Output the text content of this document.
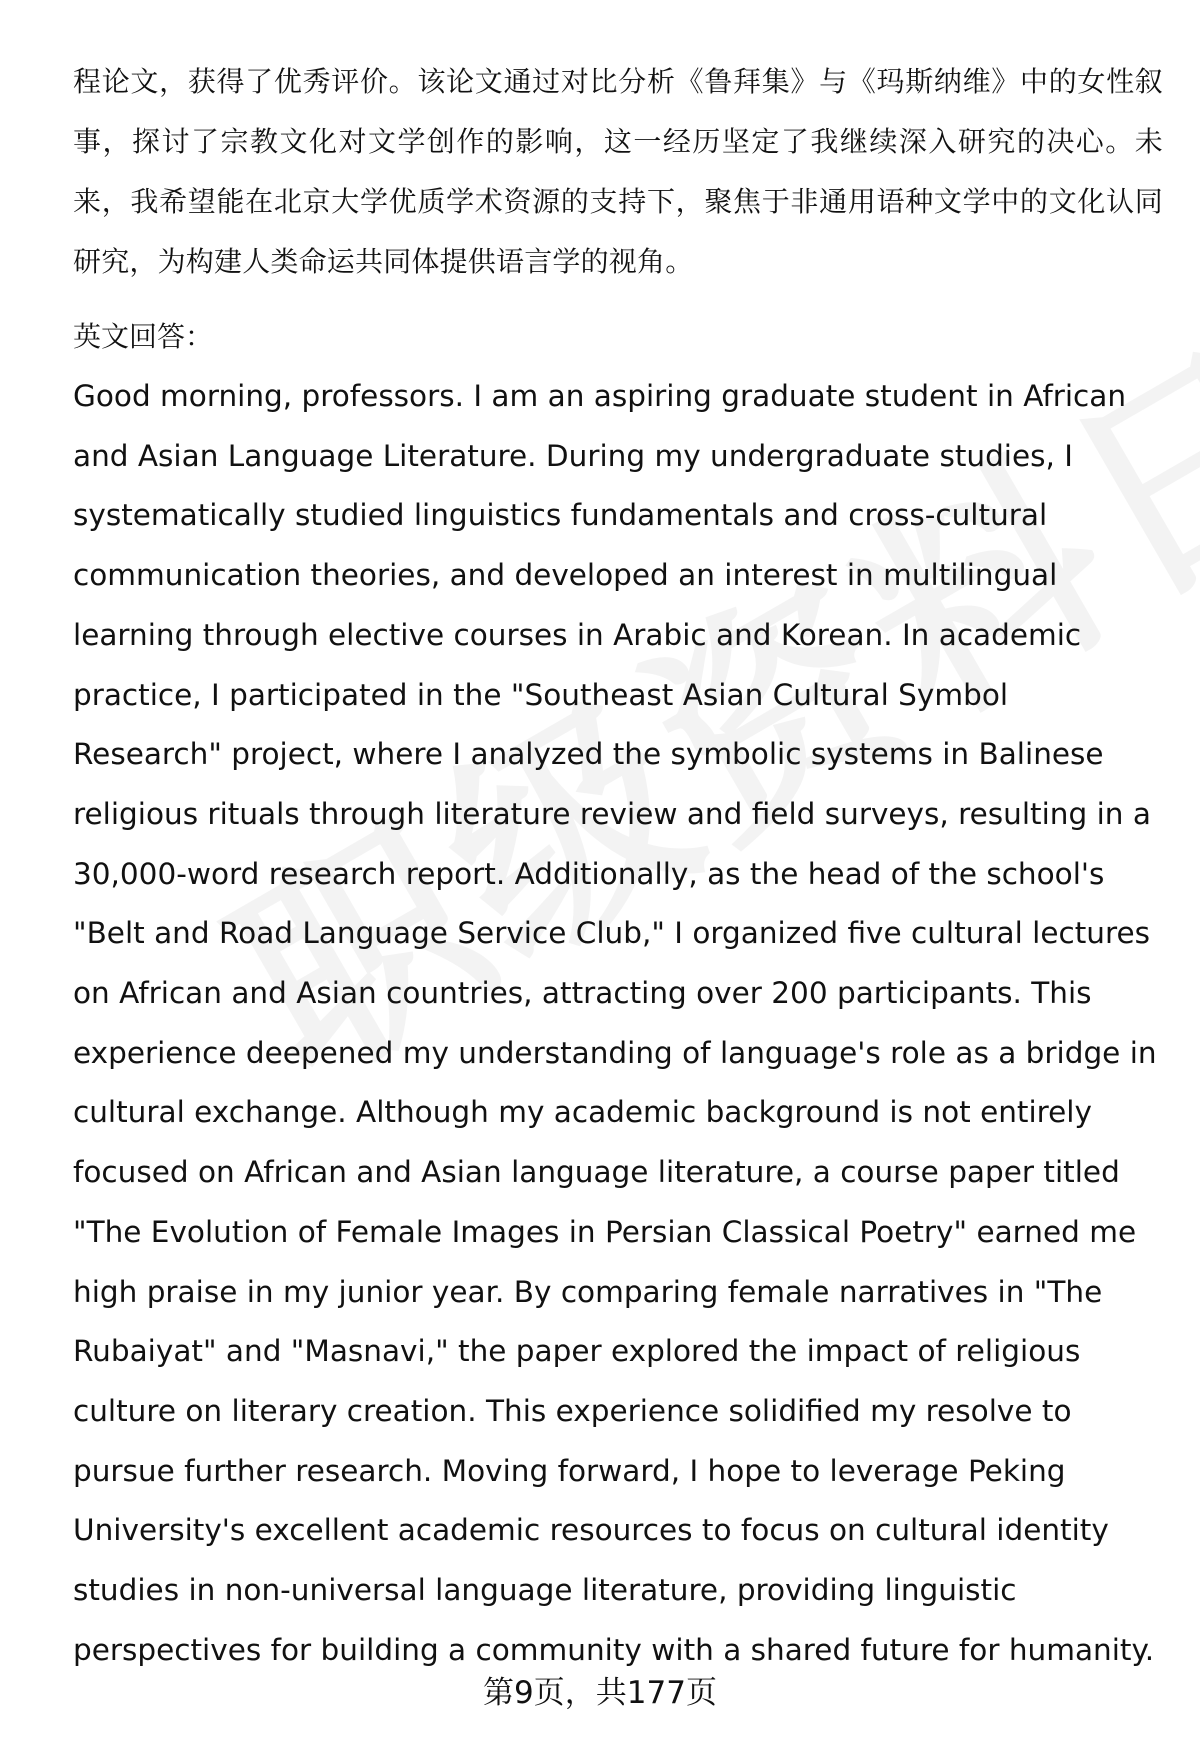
程论文，获得了优秀评价。该论文通过对比分析《鲁拜集》与《玛斯纳维》中的女性叙事，探讨了宗教文化对文学创作的影响，这一经历坚定了我继续深入研究的决心。未来，我希望能在北京大学优质学术资源的支持下，聚焦于非通用语种文学中的文化认同研究，为构建人类命运共同体提供语言学的视角。

英文回答：

Good morning, professors. I am an aspiring graduate student in African and Asian Language Literature. During my undergraduate studies, I systematically studied linguistics fundamentals and cross-cultural communication theories, and developed an interest in multilingual learning through elective courses in Arabic and Korean. In academic practice, I participated in the "Southeast Asian Cultural Symbol Research" project, where I analyzed the symbolic systems in Balinese religious rituals through literature review and field surveys, resulting in a 30,000-word research report. Additionally, as the head of the school's "Belt and Road Language Service Club," I organized five cultural lectures on African and Asian countries, attracting over 200 participants. This experience deepened my understanding of language's role as a bridge in cultural exchange. Although my academic background is not entirely focused on African and Asian language literature, a course paper titled "The Evolution of Female Images in Persian Classical Poetry" earned me high praise in my junior year. By comparing female narratives in "The Rubaiyat" and "Masnavi," the paper explored the impact of religious culture on literary creation. This experience solidified my resolve to pursue further research. Moving forward, I hope to leverage Peking University's excellent academic resources to focus on cultural identity studies in non-universal language literature, providing linguistic perspectives for building a community with a shared future for humanity.

第9页，共177页
